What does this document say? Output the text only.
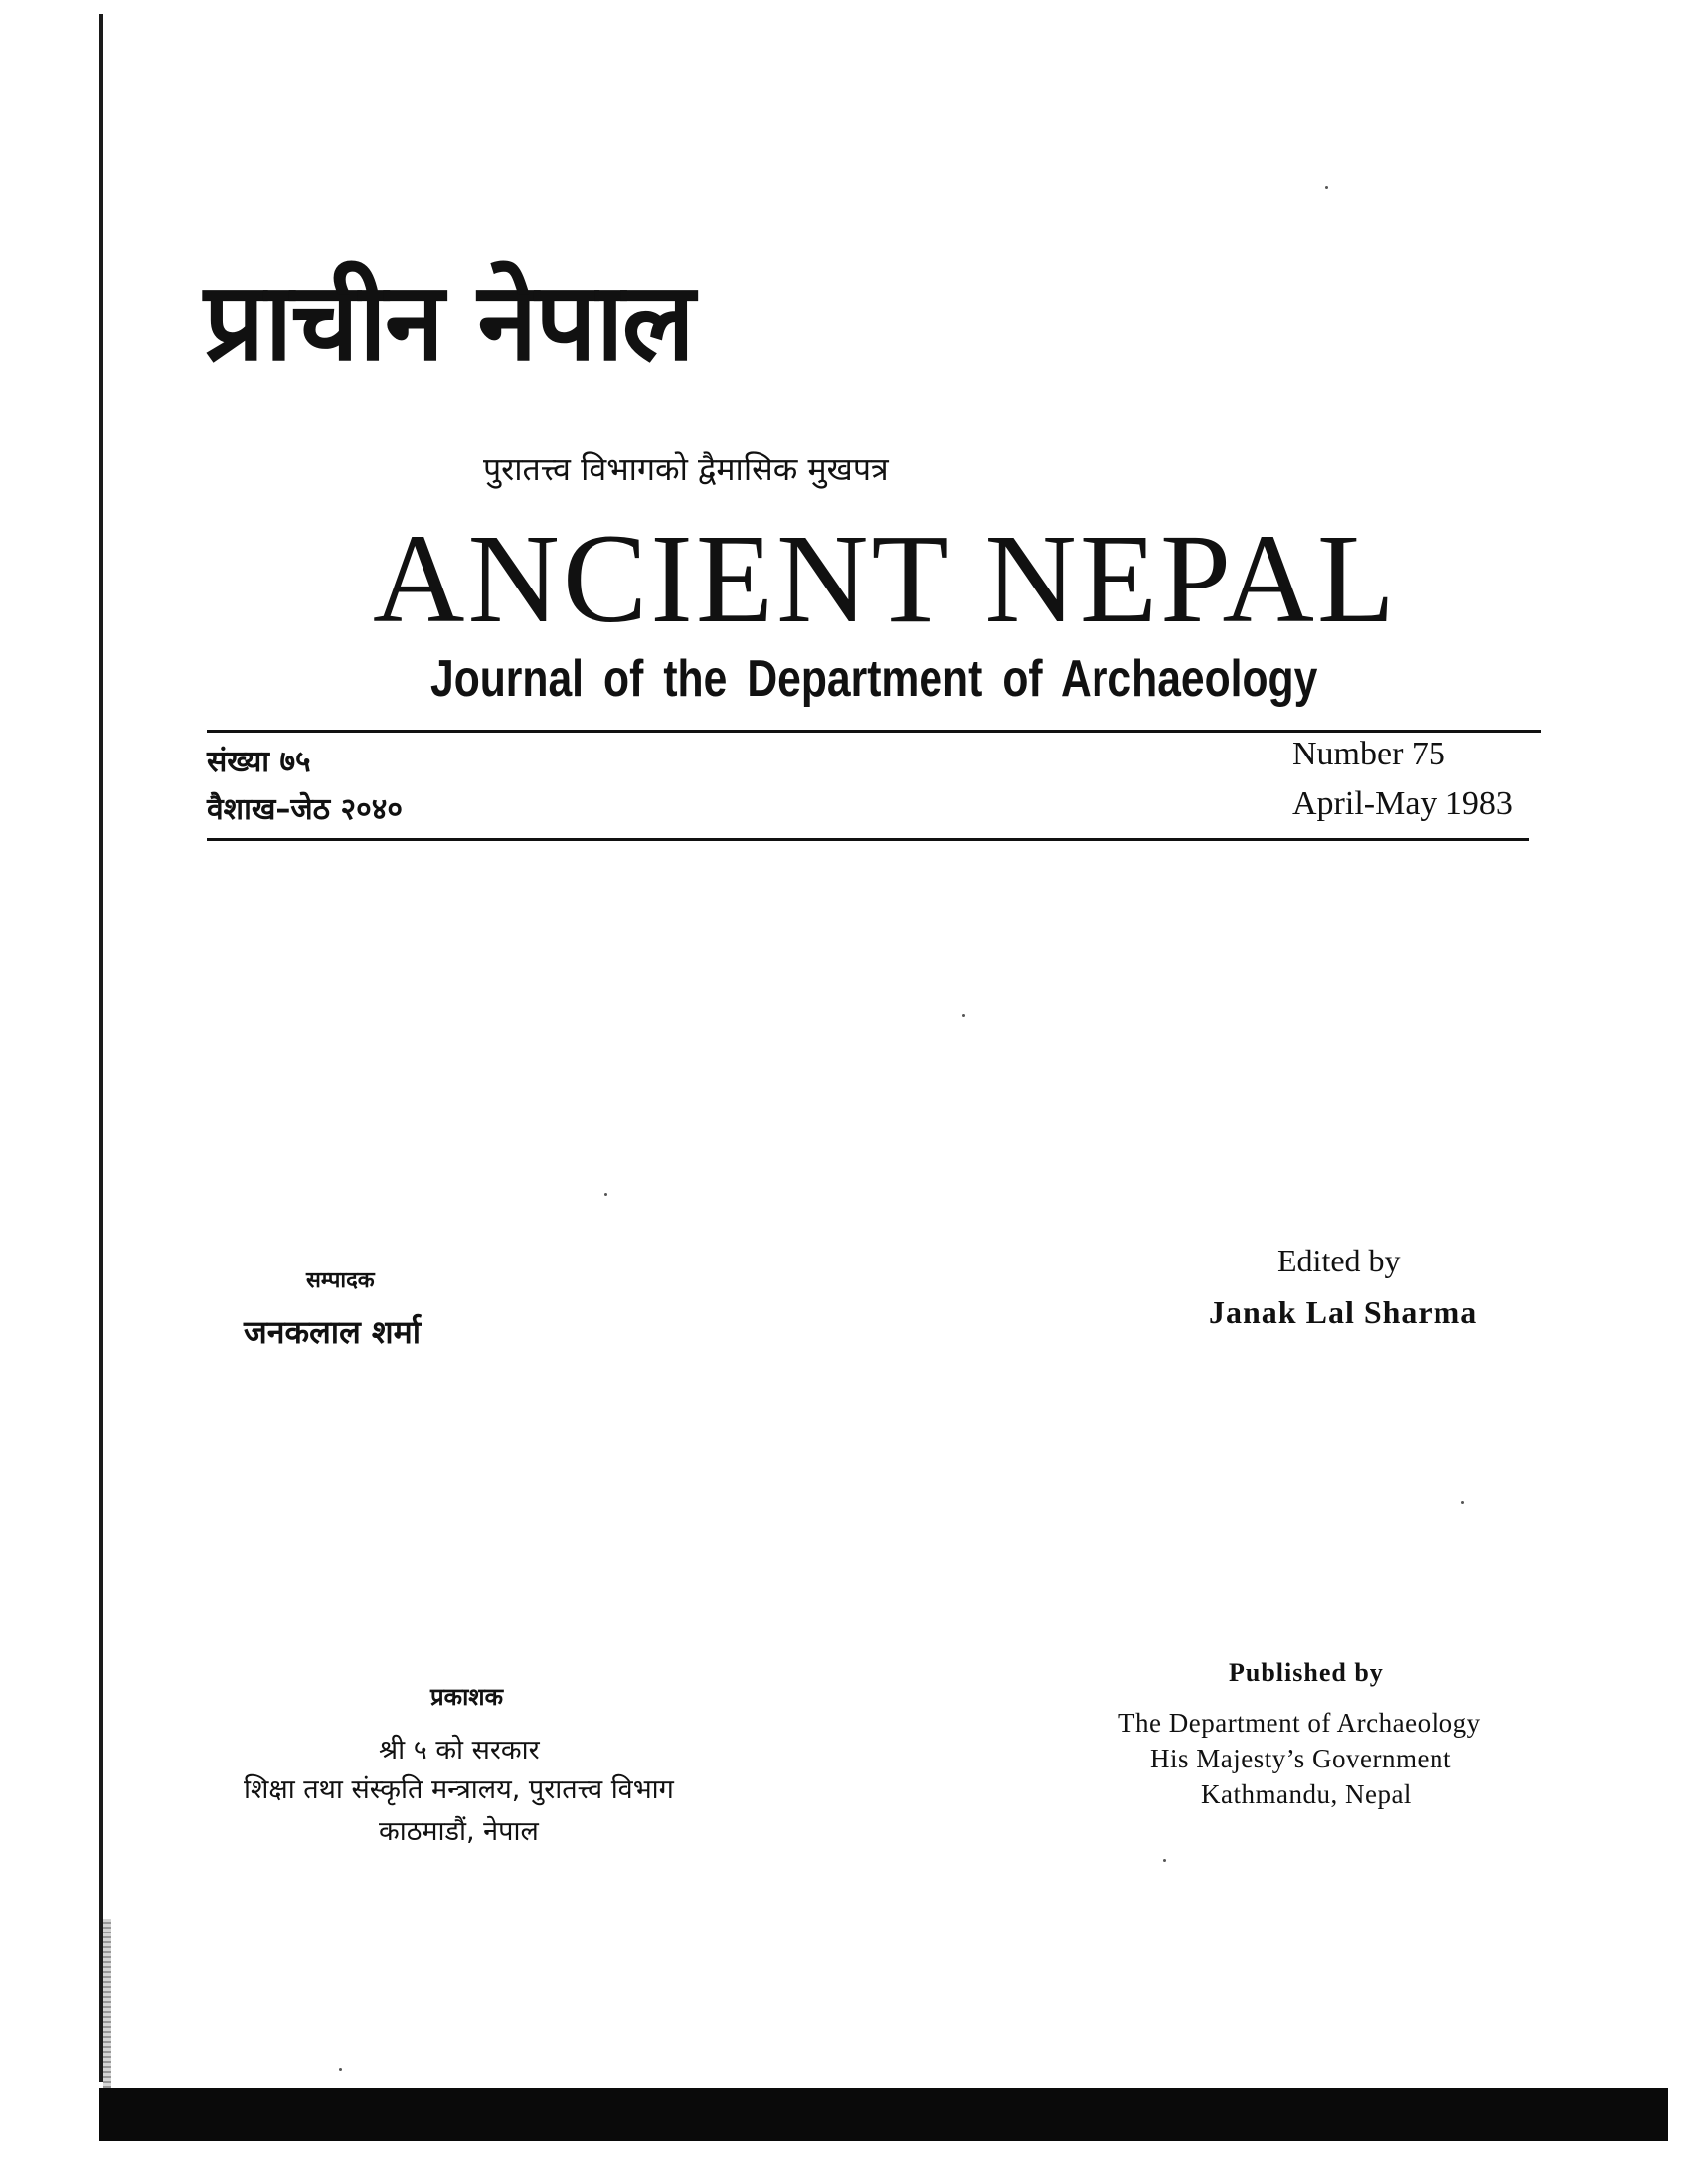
प्राचीन नेपाल
पुरातत्त्व विभागको द्वैमासिक मुखपत्र
ANCIENT NEPAL
Journal of the Department of Archaeology
संख्या ७५
वैशाख–जेठ २०४०
Number 75
April-May 1983
सम्पादक
जनकलाल शर्मा
Edited by
Janak Lal Sharma
प्रकाशक
श्री ५ को सरकार
शिक्षा तथा संस्कृति मन्त्रालय, पुरातत्त्व विभाग
काठमाडौं, नेपाल
Published by
The Department of Archaeology
His Majesty’s Government
Kathmandu, Nepal
